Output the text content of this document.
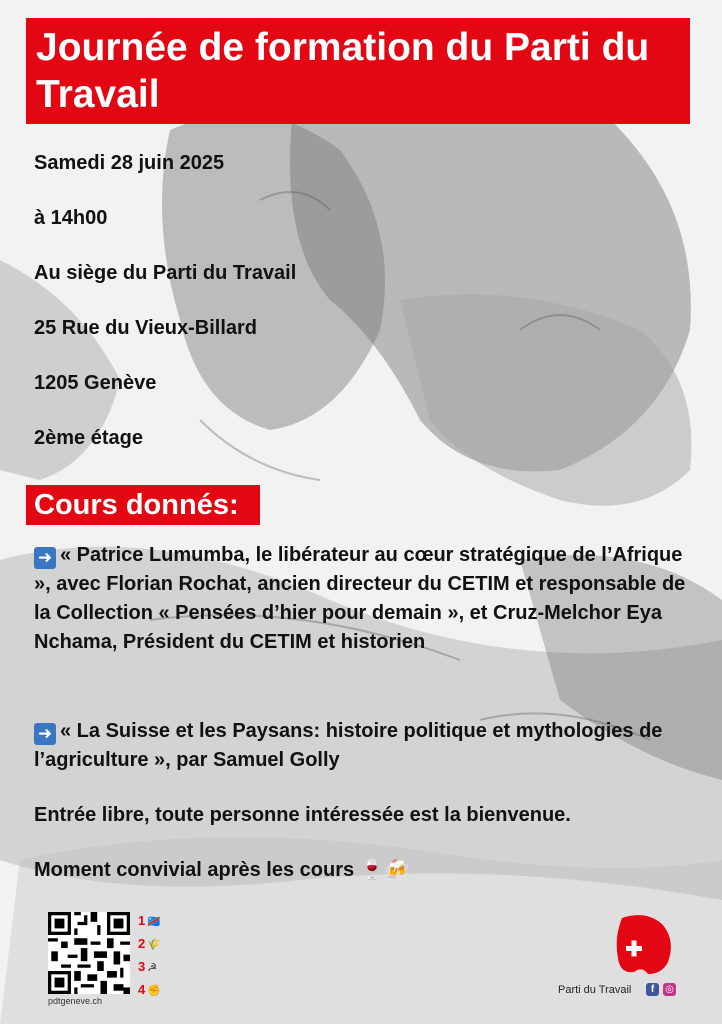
Journée de formation du Parti du Travail
Samedi 28 juin 2025
à 14h00
Au siège du Parti du Travail
25 Rue du Vieux-Billard
1205 Genève
2ème étage
Cours donnés:
➜ « Patrice Lumumba, le libérateur au cœur stratégique de l’Afrique », avec Florian Rochat, ancien directeur du CETIM et responsable de la Collection « Pensées d’hier pour demain », et Cruz-Melchor Eya Nchama, Président du CETIM et historien
➜ « La Suisse et les Paysans: histoire politique et mythologies de l’agriculture », par Samuel Golly
Entrée libre, toute personne intéressée est la bienvenue.
Moment convivial après les cours 🍷🍻
pdtgeneve.ch
1 🇨🇩
2 🌾
3 ☭
4 ✊	Parti du Travail	f	◎
